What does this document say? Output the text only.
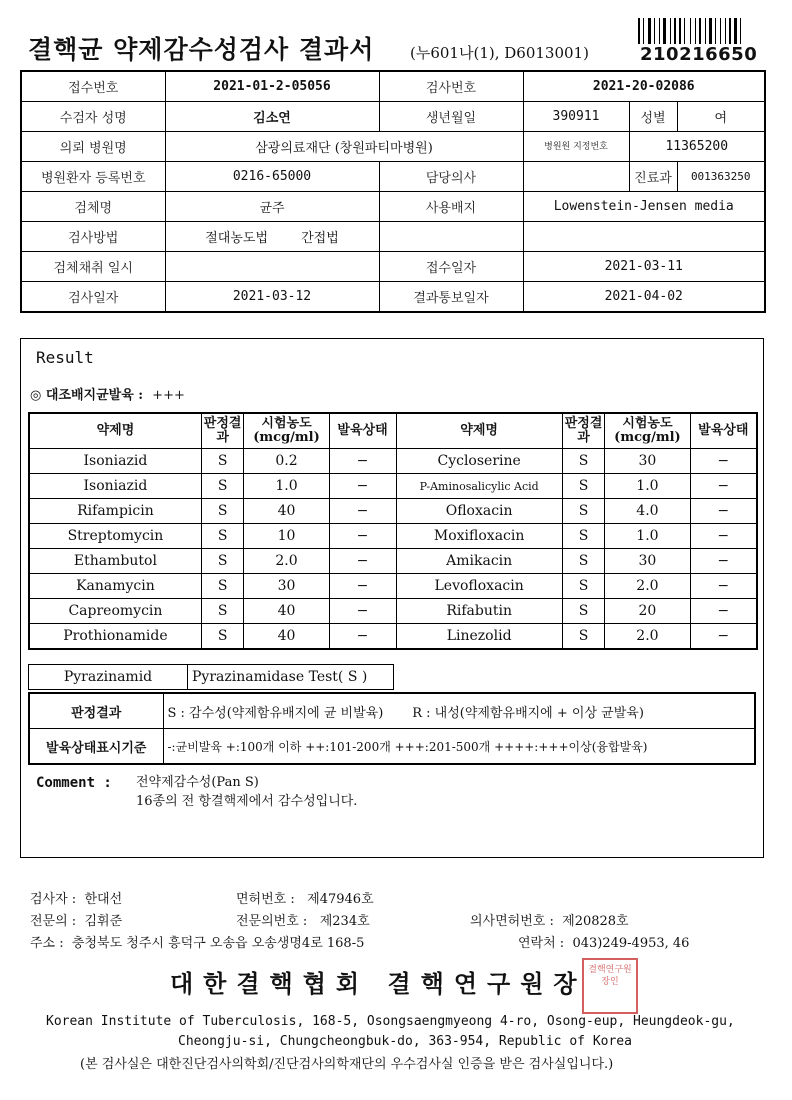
결핵균 약제감수성검사 결과서 (누601나(1), D6013001)	210216650
접수번호	2021-01-2-05056	검사번호	2021-20-02086		
수검자 성명	김소연	생년월일	390911	성별	여
의뢰 병원명	삼광의료재단 (창원파티마병원)		병원원 지정번호	11365200	
병원환자 등록번호	0216-65000	담당의사		진료과	001363250
검체명	균주	사용배지	Lowenstein-Jensen media		
검사방법	절대농도법 간접법				
검체채취 일시		접수일자	2021-03-11		
검사일자	2021-03-12	결과통보일자	2021-04-02		
Result
◎ 대조배지균발육 : +++
약제명	판정결과	시험농도(mcg/ml)	발육상태	약제명	판정결과	시험농도(mcg/ml)	발육상태
Isoniazid	S	0.2	−	Cycloserine	S	30	−
Isoniazid	S	1.0	−	P-Aminosalicylic Acid	S	1.0	−
Rifampicin	S	40	−	Ofloxacin	S	4.0	−
Streptomycin	S	10	−	Moxifloxacin	S	1.0	−
Ethambutol	S	2.0	−	Amikacin	S	30	−
Kanamycin	S	30	−	Levofloxacin	S	2.0	−
Capreomycin	S	40	−	Rifabutin	S	20	−
Prothionamide	S	40	−	Linezolid	S	2.0	−
Pyrazinamid	Pyrazinamidase Test( S )
판정결과	S : 감수성(약제함유배지에 균 비발육) R : 내성(약제함유배지에 + 이상 균발육)
발육상태표시기준	-:균비발육 +:100개 이하 ++:101-200개 +++:201-500개 ++++:+++이상(융합발육)
Comment : 전약제감수성(Pan S)
16종의 전 항결핵제에서 감수성입니다.
검사자 : 한대선	면허번호 : 제47946호
전문의 : 김휘준	전문의번호 : 제234호	의사면허번호 : 제20828호
주소 : 충청북도 청주시 흥덕구 오송읍 오송생명4로 168-5	연락처 : 043)249-4953, 46
대한결핵협회 결핵연구원장 결핵연구원장인
Korean Institute of Tuberculosis, 168-5, Osongsaengmyeong 4-ro, Osong-eup, Heungdeok-gu,
Cheongju-si, Chungcheongbuk-do, 363-954, Republic of Korea
(본 검사실은 대한진단검사의학회/진단검사의학재단의 우수검사실 인증을 받은 검사실입니다.)
